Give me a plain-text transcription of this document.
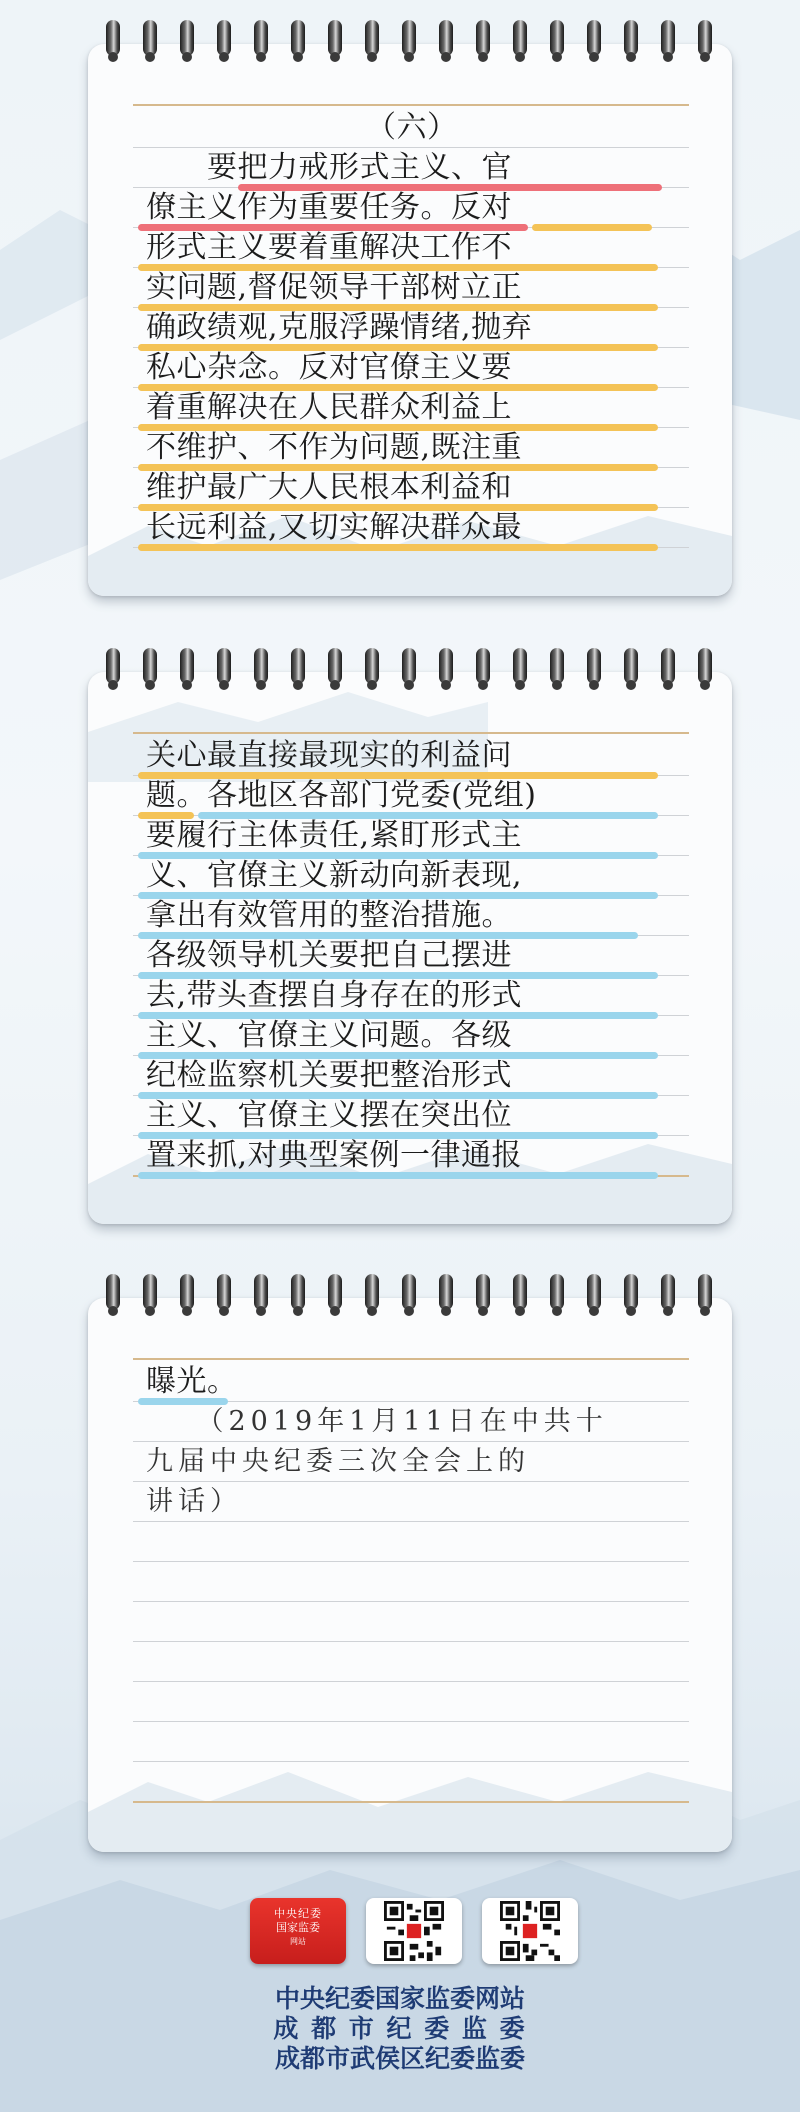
（六）
　　要把力戒形式主义、官
僚主义作为重要任务。反对
形式主义要着重解决工作不
实问题,督促领导干部树立正
确政绩观,克服浮躁情绪,抛弃
私心杂念。反对官僚主义要
着重解决在人民群众利益上
不维护、不作为问题,既注重
维护最广大人民根本利益和
长远利益,又切实解决群众最
关心最直接最现实的利益问
题。各地区各部门党委(党组)
要履行主体责任,紧盯形式主
义、官僚主义新动向新表现,
拿出有效管用的整治措施。
各级领导机关要把自己摆进
去,带头查摆自身存在的形式
主义、官僚主义问题。各级
纪检监察机关要把整治形式
主义、官僚主义摆在突出位
置来抓,对典型案例一律通报
曝光。
　　（2019年1月11日在中共十
九届中央纪委三次全会上的
讲话）
中央纪委
国家监委
网站
中央纪委国家监委网站
成 都 市 纪 委 监 委
成都市武侯区纪委监委
